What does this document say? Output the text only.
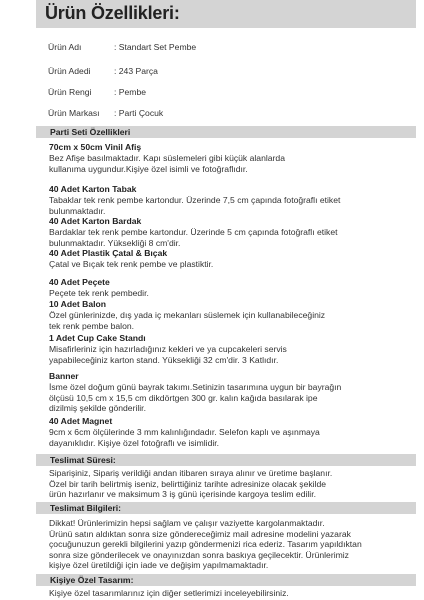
Ürün Özellikleri:
Ürün Adı	: Standart Set Pembe
Ürün Adedi	: 243 Parça
Ürün Rengi	: Pembe
Ürün Markası : Parti Çocuk
Parti Seti Özellikleri
70cm x 50cm Vinil Afiş
Bez Afişe basılmaktadır. Kapı süslemeleri gibi küçük alanlarda
kullanıma uygundur.Kişiye özel isimli ve fotoğraflıdır.
40 Adet Karton Tabak
Tabaklar tek renk pembe kartondur. Üzerinde 7,5 cm çapında fotoğraflı etiket
bulunmaktadır.
40 Adet Karton Bardak
Bardaklar tek renk pembe kartondur. Üzerinde 5 cm çapında fotoğraflı etiket
bulunmaktadır. Yüksekliği 8 cm'dir.
40 Adet Plastik Çatal & Bıçak
Çatal ve Bıçak tek renk pembe ve plastiktir.
40 Adet Peçete
Peçete tek renk pembedir.
10 Adet Balon
Özel günlerinizde, dış yada iç mekanları süslemek için kullanabileceğiniz
tek renk pembe balon.
1 Adet Cup Cake Standı
Misafirleriniz için hazırladığınız kekleri ve ya cupcakeleri servis
yapabileceğiniz karton stand. Yüksekliği 32 cm'dir. 3 Katlıdır.
Banner
İsme özel doğum günü bayrak takımı.Setinizin tasarımına uygun bir bayrağın
ölçüsü 10,5 cm x 15,5 cm dikdörtgen 300 gr. kalın kağıda basılarak ipe
dizilmiş şekilde gönderilir.
40 Adet Magnet
9cm x 6cm ölçülerinde 3 mm kalınlığındadır. Selefon kaplı ve aşınmaya
dayanıklıdır. Kişiye özel fotoğraflı ve isimlidir.
Teslimat Süresi:
Siparişiniz, Sipariş verildiği andan itibaren sıraya alınır ve üretime başlanır.
Özel bir tarih belirtmiş iseniz, belirttiğiniz tarihte adresinize olacak şekilde
ürün hazırlanır ve maksimum 3 iş günü içerisinde kargoya teslim edilir.
Teslimat Bilgileri:
Dikkat! Ürünlerimizin hepsi sağlam ve çalışır vaziyette kargolanmaktadır.
Ürünü satın aldıktan sonra size göndereceğimiz mail adresine modelini yazarak
çocuğunuzun gerekli bilgilerini yazıp göndermenizi rica ederiz. Tasarım yapıldıktan
sonra size gönderilecek ve onayınızdan sonra baskıya geçilecektir. Ürünlerimiz
kişiye özel üretildiği için iade ve değişim yapılmamaktadır.
Kişiye Özel Tasarım:
Kişiye özel tasarımlarınız için diğer setlerimizi inceleyebilirsiniz.
